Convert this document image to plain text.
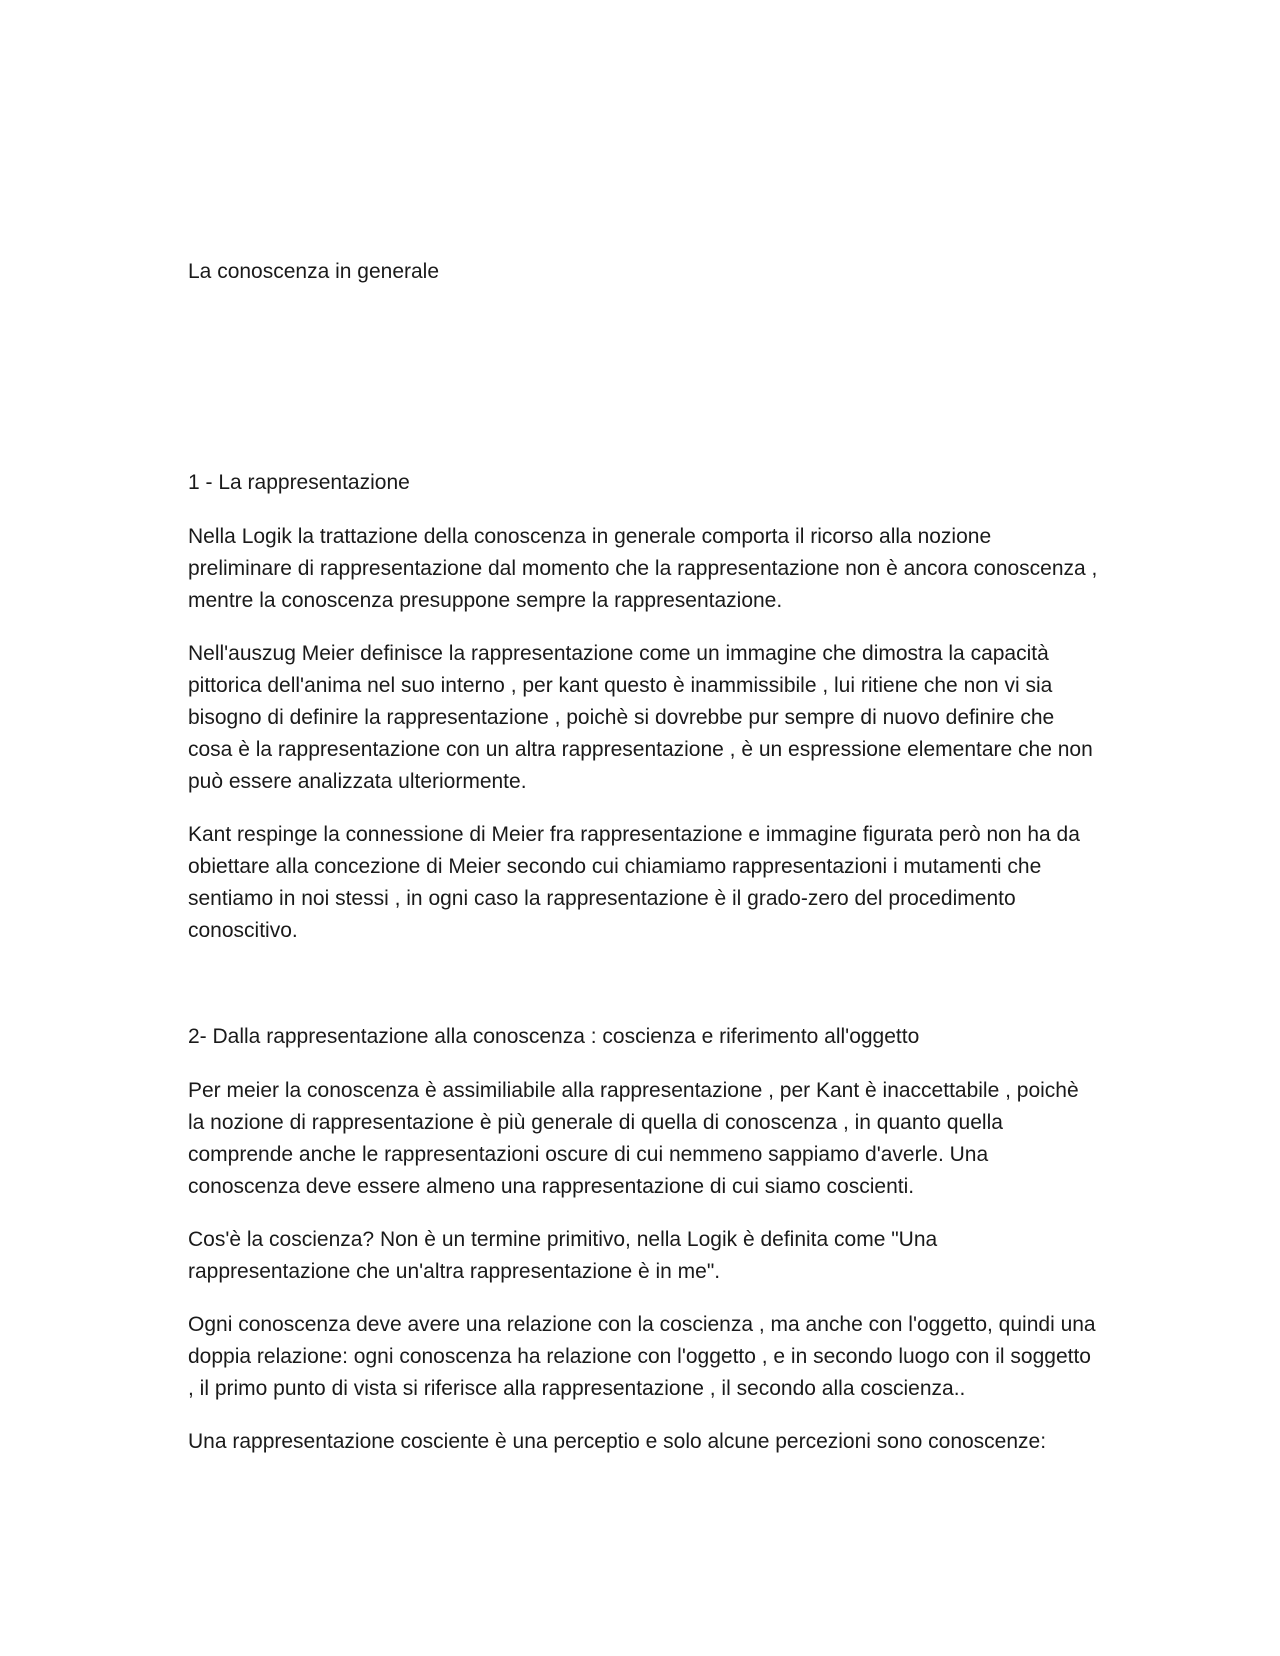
La conoscenza in generale
1 - La rappresentazione

Nella Logik la trattazione della conoscenza in generale comporta il ricorso alla nozione preliminare di rappresentazione dal momento che la rappresentazione non è ancora conoscenza , mentre la conoscenza presuppone sempre la rappresentazione.

Nell'auszug Meier definisce la rappresentazione come un immagine che dimostra la capacità pittorica dell'anima nel suo interno , per kant questo è inammissibile , lui ritiene che non vi sia bisogno di definire la rappresentazione , poichè si dovrebbe pur sempre di nuovo definire che cosa è la rappresentazione con un altra rappresentazione , è un espressione elementare che non può essere analizzata ulteriormente.

Kant respinge la connessione di Meier fra rappresentazione e immagine figurata però non ha da obiettare alla concezione di Meier secondo cui chiamiamo rappresentazioni i mutamenti che sentiamo in noi stessi , in ogni caso la rappresentazione è il grado-zero del procedimento conoscitivo.

2- Dalla rappresentazione alla conoscenza : coscienza e riferimento all'oggetto

Per meier la conoscenza è assimiliabile alla rappresentazione , per Kant è inaccettabile , poichè la nozione di rappresentazione è più generale di quella di conoscenza , in quanto quella comprende anche le rappresentazioni oscure di cui nemmeno sappiamo d'averle. Una conoscenza deve essere almeno una rappresentazione di cui siamo coscienti.

Cos'è la coscienza? Non è un termine primitivo, nella Logik è definita come "Una rappresentazione che un'altra rappresentazione è in me".

Ogni conoscenza deve avere una relazione con la coscienza , ma anche con l'oggetto, quindi una doppia relazione: ogni conoscenza ha relazione con l'oggetto , e in secondo luogo con il soggetto , il primo punto di vista si riferisce alla rappresentazione , il secondo alla coscienza..

Una rappresentazione cosciente è una perceptio e solo alcune percezioni sono conoscenze:
